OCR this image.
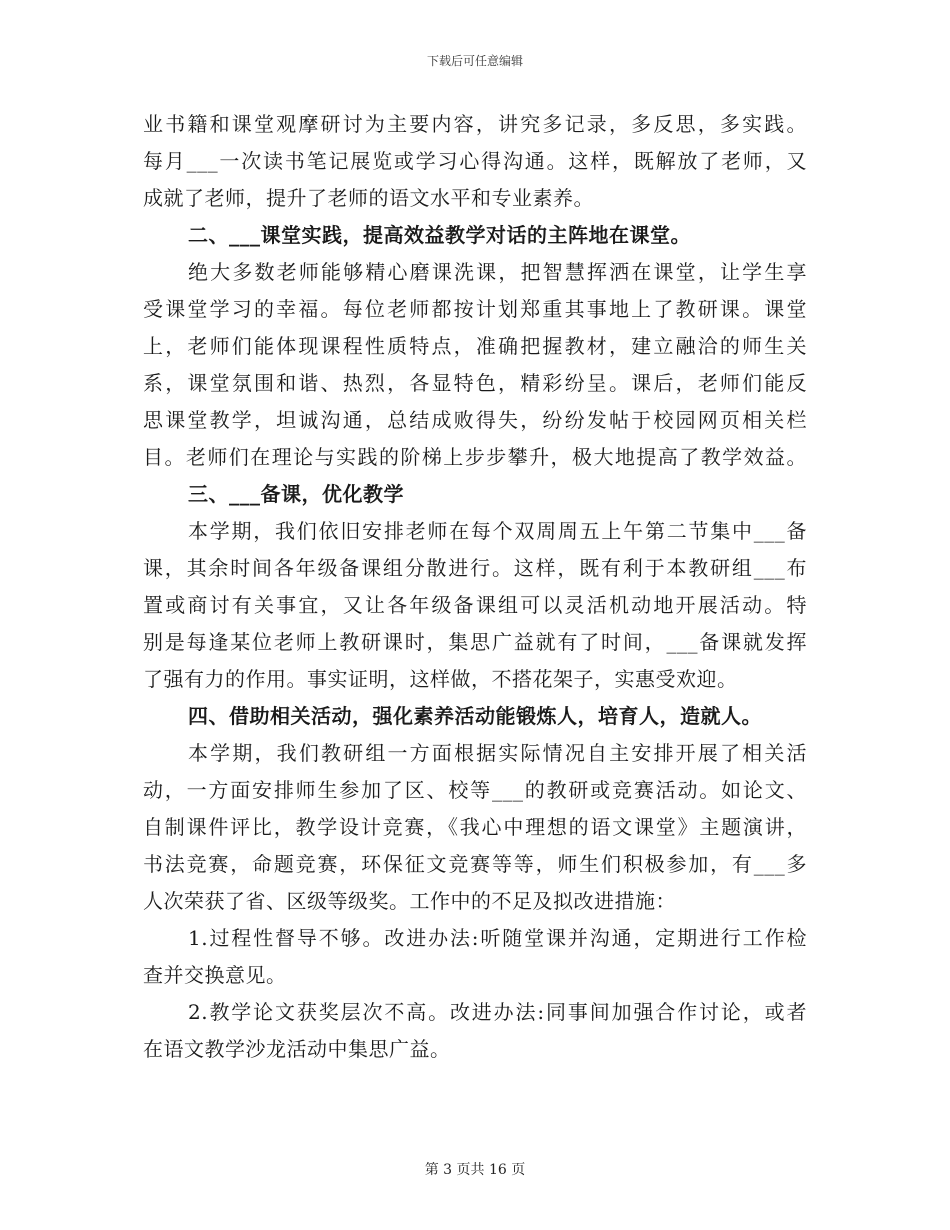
下载后可任意编辑
业书籍和课堂观摩研讨为主要内容，讲究多记录，多反思，多实践。
每月___一次读书笔记展览或学习心得沟通。这样，既解放了老师，又
成就了老师，提升了老师的语文水平和专业素养。
二、___课堂实践，提高效益教学对话的主阵地在课堂。
绝大多数老师能够精心磨课洗课，把智慧挥洒在课堂，让学生享
受课堂学习的幸福。每位老师都按计划郑重其事地上了教研课。课堂
上，老师们能体现课程性质特点，准确把握教材，建立融洽的师生关
系，课堂氛围和谐、热烈，各显特色，精彩纷呈。课后，老师们能反
思课堂教学，坦诚沟通，总结成败得失，纷纷发帖于校园网页相关栏
目。老师们在理论与实践的阶梯上步步攀升，极大地提高了教学效益。
三、___备课，优化教学
本学期，我们依旧安排老师在每个双周周五上午第二节集中___备
课，其余时间各年级备课组分散进行。这样，既有利于本教研组___布
置或商讨有关事宜，又让各年级备课组可以灵活机动地开展活动。特
别是每逢某位老师上教研课时，集思广益就有了时间，___备课就发挥
了强有力的作用。事实证明，这样做，不搭花架子，实惠受欢迎。
四、借助相关活动，强化素养活动能锻炼人，培育人，造就人。
本学期，我们教研组一方面根据实际情况自主安排开展了相关活
动，一方面安排师生参加了区、校等___的教研或竞赛活动。如论文、
自制课件评比，教学设计竞赛，《我心中理想的语文课堂》主题演讲，
书法竞赛，命题竞赛，环保征文竞赛等等，师生们积极参加，有___多
人次荣获了省、区级等级奖。工作中的不足及拟改进措施：
1.过程性督导不够。改进办法:听随堂课并沟通，定期进行工作检
查并交换意见。
2.教学论文获奖层次不高。改进办法:同事间加强合作讨论，或者
在语文教学沙龙活动中集思广益。
第 3 页共 16 页
